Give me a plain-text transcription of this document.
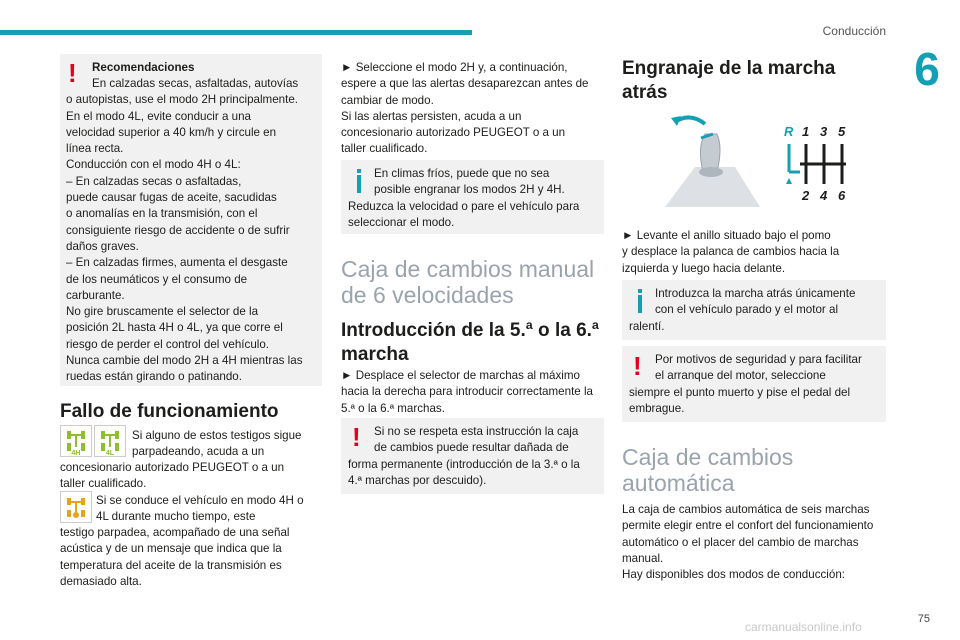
Conducción
6
! Recomendaciones
En calzadas secas, asfaltadas, autovías
o autopistas, use el modo 2H principalmente.
En el modo 4L, evite conducir a una
velocidad superior a 40 km/h y circule en
línea recta.
Conducción con el modo 4H o 4L:
– En calzadas secas o asfaltadas,
puede causar fugas de aceite, sacudidas
o anomalías en la transmisión, con el
consiguiente riesgo de accidente o de sufrir
daños graves.
– En calzadas firmes, aumenta el desgaste
de los neumáticos y el consumo de
carburante.
No gire bruscamente el selector de la
posición 2L hasta 4H o 4L, ya que corre el
riesgo de perder el control del vehículo.
Nunca cambie del modo 2H a 4H mientras las
ruedas están girando o patinando.
Fallo de funcionamiento
4H	4L
Si alguno de estos testigos sigue
parpadeando, acuda a un
concesionario autorizado PEUGEOT o a un
taller cualificado.
Si se conduce el vehículo en modo 4H o
4L durante mucho tiempo, este
testigo parpadea, acompañado de una señal
acústica y de un mensaje que indica que la
temperatura del aceite de la transmisión es
demasiado alta.
► Seleccione el modo 2H y, a continuación,
espere a que las alertas desaparezcan antes de
cambiar de modo.
Si las alertas persisten, acuda a un
concesionario autorizado PEUGEOT o a un
taller cualificado.
En climas fríos, puede que no sea
posible engranar los modos 2H y 4H.
Reduzca la velocidad o pare el vehículo para
seleccionar el modo.
Caja de cambios manual
de 6 velocidades
Introducción de la 5.ª o la 6.ª
marcha
► Desplace el selector de marchas al máximo
hacia la derecha para introducir correctamente la
5.ª o la 6.ª marchas.
!	Si no se respeta esta instrucción la caja
de cambios puede resultar dañada de
forma permanente (introducción de la 3.ª o la
4.ª marchas por descuido).
Engranaje de la marcha
atrás
R 1 3 5
2 4 6
► Levante el anillo situado bajo el pomo
y desplace la palanca de cambios hacia la
izquierda y luego hacia delante.
Introduzca la marcha atrás únicamente
con el vehículo parado y el motor al
ralentí.
!	Por motivos de seguridad y para facilitar
el arranque del motor, seleccione
siempre el punto muerto y pise el pedal del
embrague.
Caja de cambios
automática
La caja de cambios automática de seis marchas
permite elegir entre el confort del funcionamiento
automático o el placer del cambio de marchas
manual.
Hay disponibles dos modos de conducción:
75
carmanualsonline.info
